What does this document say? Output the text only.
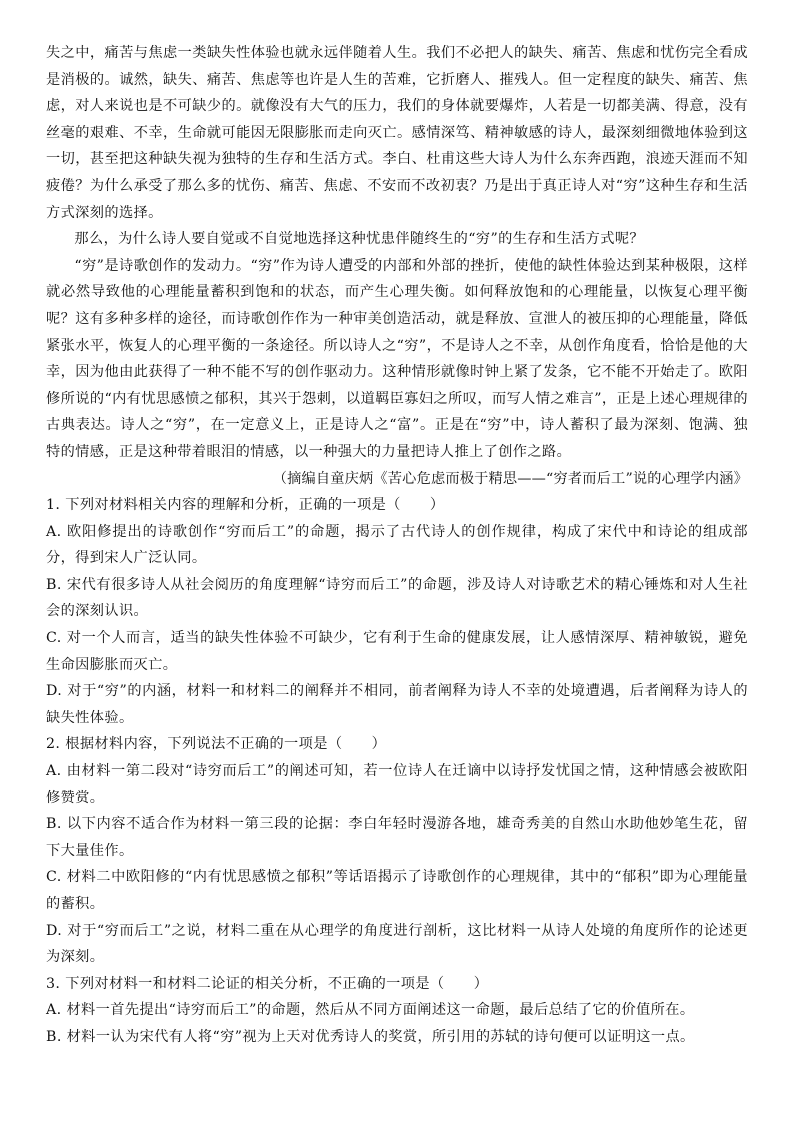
失之中，痛苦与焦虑一类缺失性体验也就永远伴随着人生。我们不必把人的缺失、痛苦、焦虑和忧伤完全看成是消极的。诚然，缺失、痛苦、焦虑等也许是人生的苦难，它折磨人、摧残人。但一定程度的缺失、痛苦、焦虑，对人来说也是不可缺少的。就像没有大气的压力，我们的身体就要爆炸，人若是一切都美满、得意，没有丝毫的艰难、不幸，生命就可能因无限膨胀而走向灭亡。感情深笃、精神敏感的诗人，最深刻细微地体验到这一切，甚至把这种缺失视为独特的生存和生活方式。李白、杜甫这些大诗人为什么东奔西跑，浪迹天涯而不知疲倦？为什么承受了那么多的忧伤、痛苦、焦虑、不安而不改初衷？乃是出于真正诗人对“穷”这种生存和生活方式深刻的选择。

那么，为什么诗人要自觉或不自觉地选择这种忧患伴随终生的“穷”的生存和生活方式呢？

“穷”是诗歌创作的发动力。“穷”作为诗人遭受的内部和外部的挫折，使他的缺性体验达到某种极限，这样就必然导致他的心理能量蓄积到饱和的状态，而产生心理失衡。如何释放饱和的心理能量，以恢复心理平衡呢？这有多种多样的途径，而诗歌创作作为一种审美创造活动，就是释放、宣泄人的被压抑的心理能量，降低紧张水平，恢复人的心理平衡的一条途径。所以诗人之“穷”，不是诗人之不幸，从创作角度看，恰恰是他的大幸，因为他由此获得了一种不能不写的创作驱动力。这种情形就像时钟上紧了发条，它不能不开始走了。欧阳修所说的“内有忧思感愤之郁积，其兴于怨刺，以道羁臣寡妇之所叹，而写人情之难言”，正是上述心理规律的古典表达。诗人之“穷”，在一定意义上，正是诗人之“富”。正是在“穷”中，诗人蓄积了最为深刻、饱满、独特的情感，正是这种带着眼泪的情感，以一种强大的力量把诗人推上了创作之路。

（摘编自童庆炳《苦心危虑而极于精思——“穷者而后工”说的心理学内涵》

1. 下列对材料相关内容的理解和分析，正确的一项是（　　）

A. 欧阳修提出的诗歌创作“穷而后工”的命题，揭示了古代诗人的创作规律，构成了宋代中和诗论的组成部分，得到宋人广泛认同。

B. 宋代有很多诗人从社会阅历的角度理解“诗穷而后工”的命题，涉及诗人对诗歌艺术的精心锤炼和对人生社会的深刻认识。

C. 对一个人而言，适当的缺失性体验不可缺少，它有利于生命的健康发展，让人感情深厚、精神敏锐，避免生命因膨胀而灭亡。

D. 对于“穷”的内涵，材料一和材料二的阐释并不相同，前者阐释为诗人不幸的处境遭遇，后者阐释为诗人的缺失性体验。

2. 根据材料内容，下列说法不正确的一项是（　　）

A. 由材料一第二段对“诗穷而后工”的阐述可知，若一位诗人在迁谪中以诗抒发忧国之情，这种情感会被欧阳修赞赏。

B. 以下内容不适合作为材料一第三段的论据：李白年轻时漫游各地，雄奇秀美的自然山水助他妙笔生花，留下大量佳作。

C. 材料二中欧阳修的“内有忧思感愤之郁积”等话语揭示了诗歌创作的心理规律，其中的“郁积”即为心理能量的蓄积。

D. 对于“穷而后工”之说，材料二重在从心理学的角度进行剖析，这比材料一从诗人处境的角度所作的论述更为深刻。

3. 下列对材料一和材料二论证的相关分析，不正确的一项是（　　）

A. 材料一首先提出“诗穷而后工”的命题，然后从不同方面阐述这一命题，最后总结了它的价值所在。

B. 材料一认为宋代有人将“穷”视为上天对优秀诗人的奖赏，所引用的苏轼的诗句便可以证明这一点。
